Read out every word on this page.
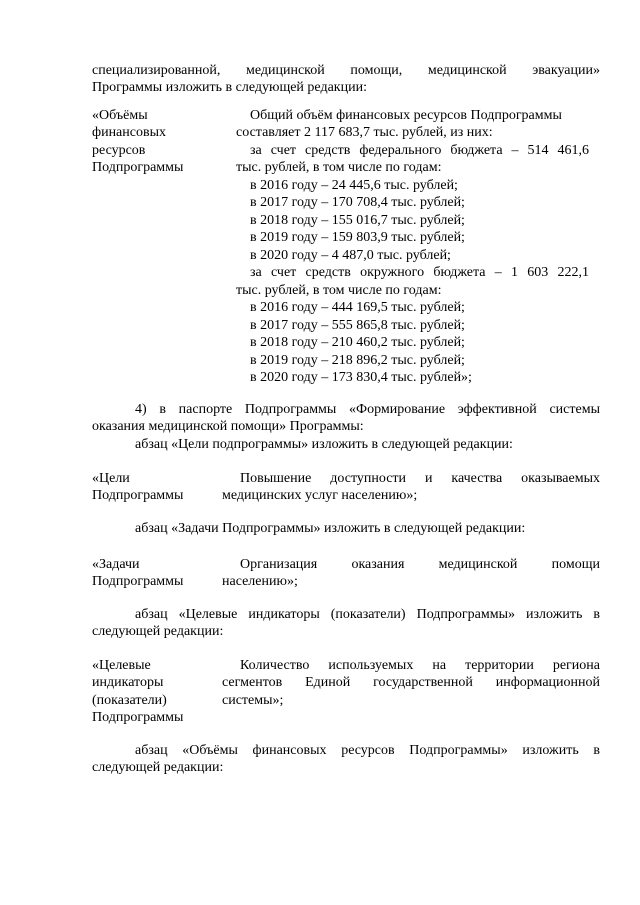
специализированной, медицинской помощи, медицинской эвакуации»
Программы изложить в следующей редакции:
«Объёмы
финансовых
ресурсов
Подпрограммы
Общий объём финансовых ресурсов Подпрограммы
составляет 2 117 683,7 тыс. рублей, из них:
за счет средств федерального бюджета – 514 461,6
тыс. рублей, в том числе по годам:
в 2016 году – 24 445,6 тыс. рублей;
в 2017 году – 170 708,4 тыс. рублей;
в 2018 году – 155 016,7 тыс. рублей;
в 2019 году – 159 803,9 тыс. рублей;
в 2020 году – 4 487,0 тыс. рублей;
за счет средств окружного бюджета – 1 603 222,1
тыс. рублей, в том числе по годам:
в 2016 году – 444 169,5 тыс. рублей;
в 2017 году – 555 865,8 тыс. рублей;
в 2018 году – 210 460,2 тыс. рублей;
в 2019 году – 218 896,2 тыс. рублей;
в 2020 году – 173 830,4 тыс. рублей»;
4) в паспорте Подпрограммы «Формирование эффективной системы
оказания медицинской помощи» Программы:
абзац «Цели подпрограммы» изложить в следующей редакции:
«Цели
Подпрограммы
Повышение доступности и качества оказываемых
медицинских услуг населению»;
абзац «Задачи Подпрограммы» изложить в следующей редакции:
«Задачи
Подпрограммы
Организация оказания медицинской помощи
населению»;
абзац «Целевые индикаторы (показатели) Подпрограммы» изложить в
следующей редакции:
«Целевые
индикаторы
(показатели)
Подпрограммы
Количество используемых на территории региона
сегментов Единой государственной информационной
системы»;
абзац «Объёмы финансовых ресурсов Подпрограммы» изложить в
следующей редакции:
